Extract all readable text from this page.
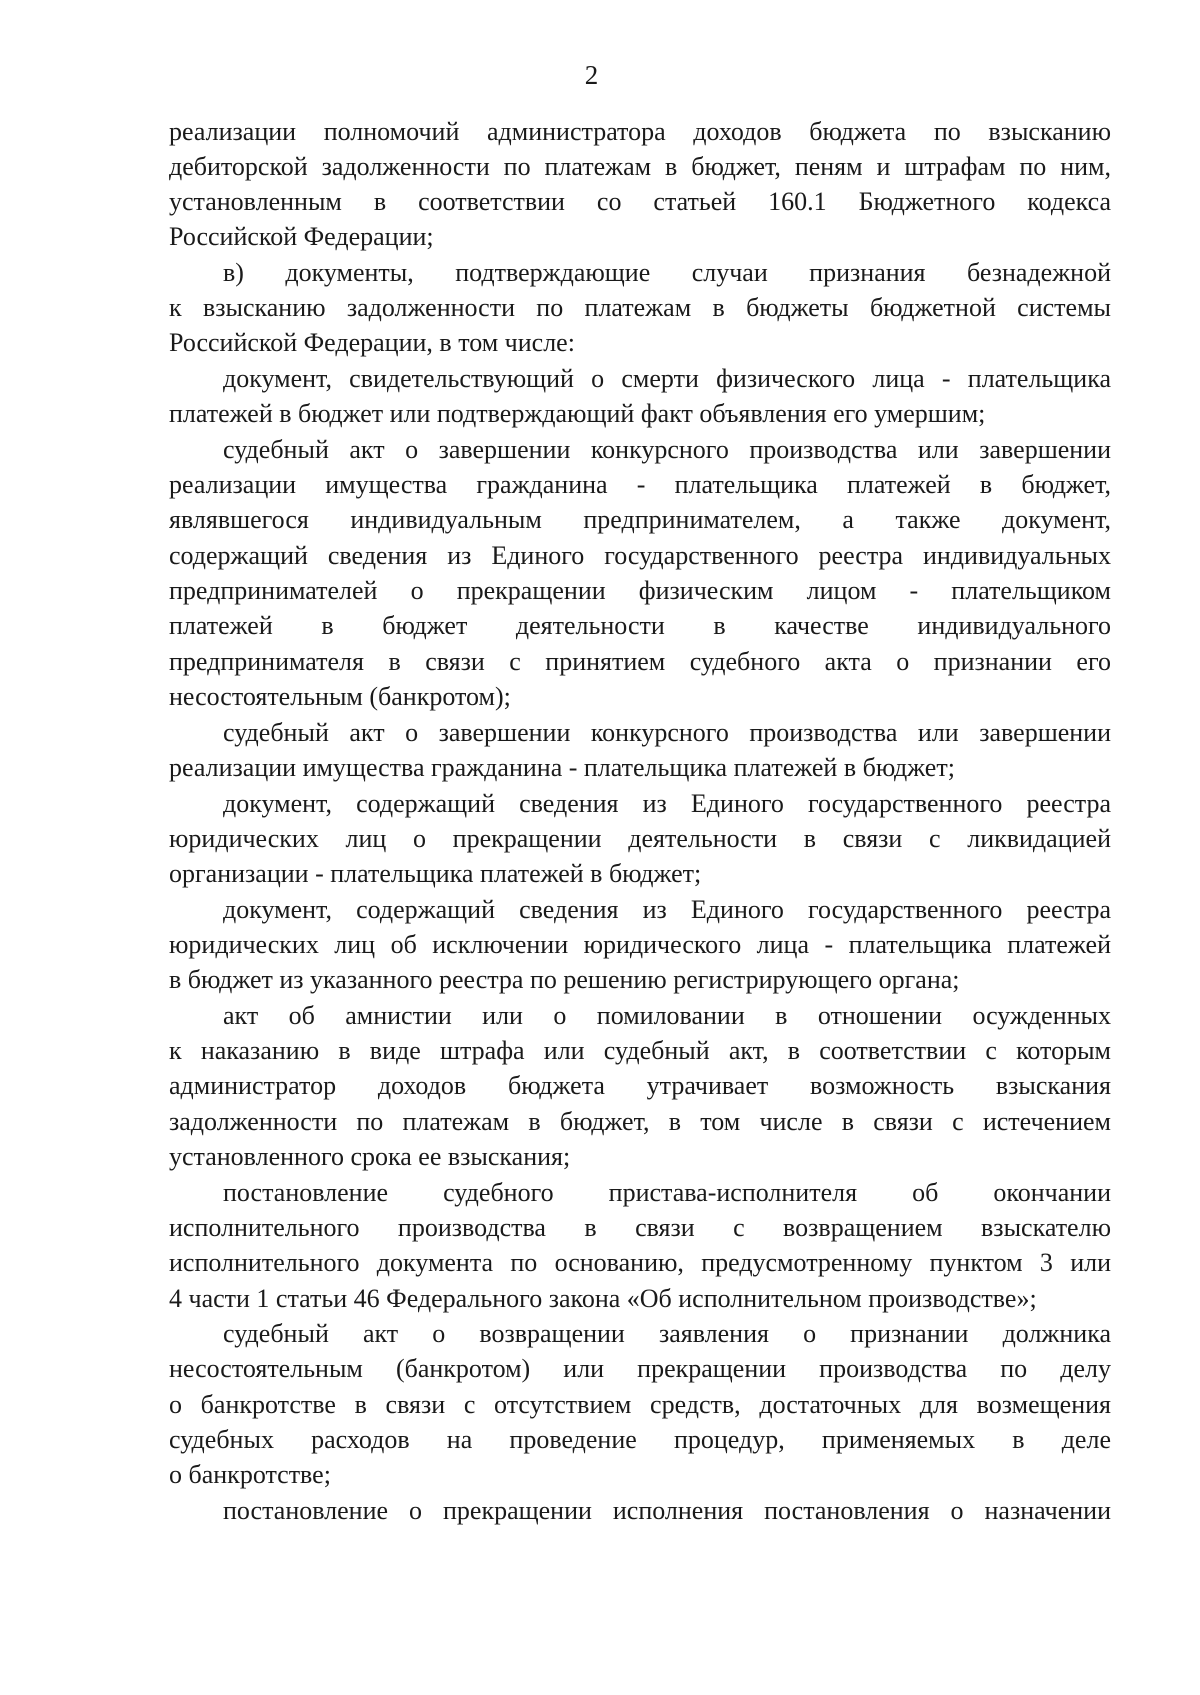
2
реализации полномочий администратора доходов бюджета по взысканию
дебиторской задолженности по платежам в бюджет, пеням и штрафам по ним,
установленным в соответствии со статьей 160.1 Бюджетного кодекса
Российской Федерации;
в) документы, подтверждающие случаи признания безнадежной
к взысканию задолженности по платежам в бюджеты бюджетной системы
Российской Федерации, в том числе:
документ, свидетельствующий о смерти физического лица - плательщика
платежей в бюджет или подтверждающий факт объявления его умершим;
судебный акт о завершении конкурсного производства или завершении
реализации имущества гражданина - плательщика платежей в бюджет,
являвшегося индивидуальным предпринимателем, а также документ,
содержащий сведения из Единого государственного реестра индивидуальных
предпринимателей о прекращении физическим лицом - плательщиком
платежей в бюджет деятельности в качестве индивидуального
предпринимателя в связи с принятием судебного акта о признании его
несостоятельным (банкротом);
судебный акт о завершении конкурсного производства или завершении
реализации имущества гражданина - плательщика платежей в бюджет;
документ, содержащий сведения из Единого государственного реестра
юридических лиц о прекращении деятельности в связи с ликвидацией
организации - плательщика платежей в бюджет;
документ, содержащий сведения из Единого государственного реестра
юридических лиц об исключении юридического лица - плательщика платежей
в бюджет из указанного реестра по решению регистрирующего органа;
акт об амнистии или о помиловании в отношении осужденных
к наказанию в виде штрафа или судебный акт, в соответствии с которым
администратор доходов бюджета утрачивает возможность взыскания
задолженности по платежам в бюджет, в том числе в связи с истечением
установленного срока ее взыскания;
постановление судебного пристава-исполнителя об окончании
исполнительного производства в связи с возвращением взыскателю
исполнительного документа по основанию, предусмотренному пунктом 3 или
4 части 1 статьи 46 Федерального закона «Об исполнительном производстве»;
судебный акт о возвращении заявления о признании должника
несостоятельным (банкротом) или прекращении производства по делу
о банкротстве в связи с отсутствием средств, достаточных для возмещения
судебных расходов на проведение процедур, применяемых в деле
о банкротстве;
постановление о прекращении исполнения постановления о назначении
